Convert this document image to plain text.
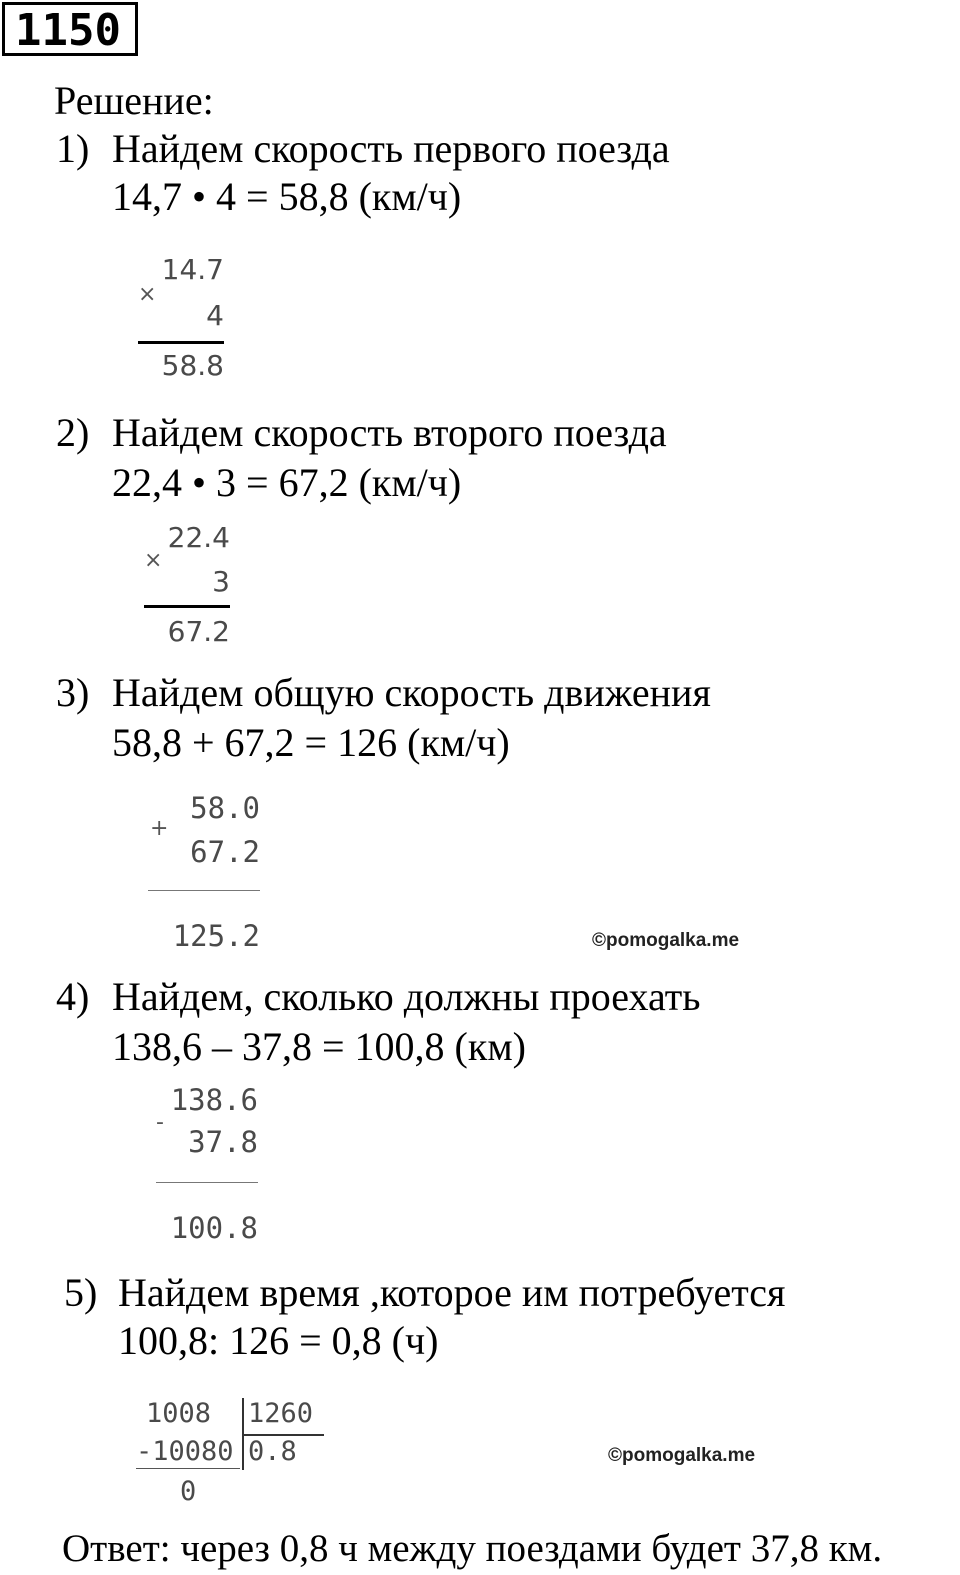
1150
Решение:
1) Найдем скорость первого поезда
14,7 • 4 = 58,8 (км/ч)
×
14.7
4
58.8
2) Найдем скорость второго поезда
22,4 • 3 = 67,2 (км/ч)
×
22.4
3
67.2
3) Найдем общую скорость движения
58,8 + 67,2 = 126 (км/ч)
+
58.0
67.2
125.2	©pomogalka.me
4) Найдем, сколько должны проехать
138,6 – 37,8 = 100,8 (км)
138.6
-
37.8
100.8
5) Найдем время ,которое им потребуется
100,8: 126 = 0,8 (ч)
1008 1260
-10080 0.8
0
©pomogalka.me
Ответ: через 0,8 ч между поездами будет 37,8 км.
